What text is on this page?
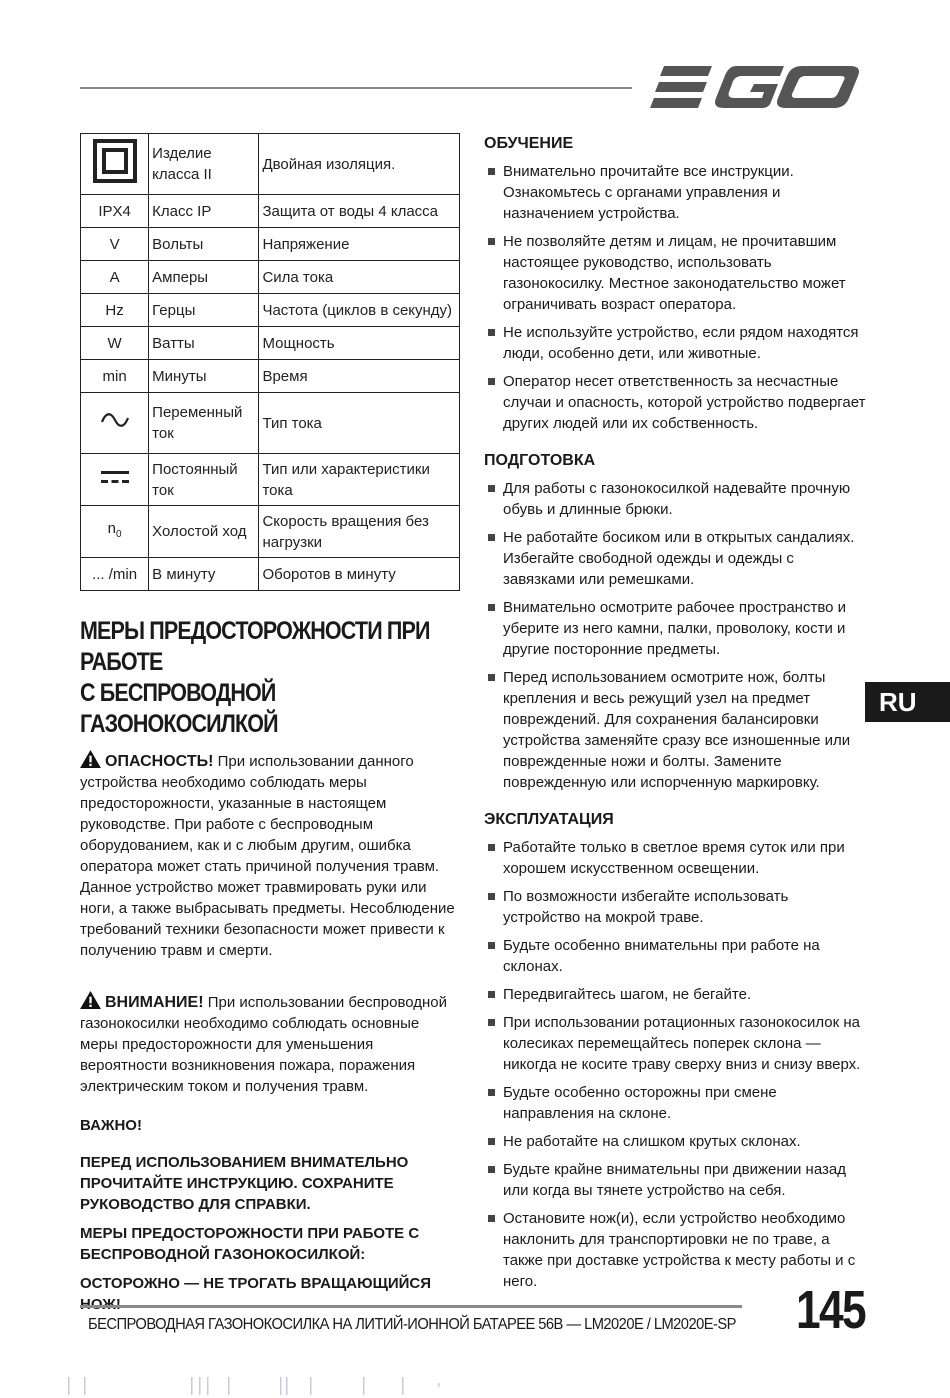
	Изделие класса II	Двойная изоляция.
IPX4	Класс IP	Защита от воды 4 класса
V	Вольты	Напряжение
A	Амперы	Сила тока
Hz	Герцы	Частота (циклов в секунду)
W	Ватты	Мощность
min	Минуты	Время
	Переменный ток	Тип тока
	Постоянный ток	Тип или характеристики тока
$n_0$	Холостой ход	Скорость вращения без нагрузки
... /min	В минуту	Оборотов в минуту
МЕРЫ ПРЕДОСТОРОЖНОСТИ ПРИ РАБОТЕ
С БЕСПРОВОДНОЙ ГАЗОНОКОСИЛКОЙ

ОПАСНОСТЬ! При использовании данного устройства необходимо соблюдать меры предосторожности, указанные в настоящем руководстве. При работе с беспроводным оборудованием, как и с любым другим, ошибка оператора может стать причиной получения травм. Данное устройство может травмировать руки или ноги, а также выбрасывать предметы. Несоблюдение требований техники безопасности может привести к получению травм и смерти.

ВНИМАНИЕ! При использовании беспроводной газонокосилки необходимо соблюдать основные меры предосторожности для уменьшения вероятности возникновения пожара, поражения электрическим током и получения травм.

ВАЖНО!

ПЕРЕД ИСПОЛЬЗОВАНИЕМ ВНИМАТЕЛЬНО ПРОЧИТАЙТЕ ИНСТРУКЦИЮ. СОХРАНИТЕ РУКОВОДСТВО ДЛЯ СПРАВКИ.

МЕРЫ ПРЕДОСТОРОЖНОСТИ ПРИ РАБОТЕ С БЕСПРОВОДНОЙ ГАЗОНОКОСИЛКОЙ:

ОСТОРОЖНО — НЕ ТРОГАТЬ ВРАЩАЮЩИЙСЯ

ОБУЧЕНИЕ
Внимательно прочитайте все инструкции. Ознакомьтесь с органами управления и назначением устройства.
Не позволяйте детям и лицам, не прочитавшим настоящее руководство, использовать газонокосилку. Местное законодательство может ограничивать возраст оператора.
Не используйте устройство, если рядом находятся люди, особенно дети, или животные.
Оператор несет ответственность за несчастные случаи и опасность, которой устройство подвергает других людей или их собственность.
ПОДГОТОВКА
Для работы с газонокосилкой надевайте прочную обувь и длинные брюки.
Не работайте босиком или в открытых сандалиях. Избегайте свободной одежды и одежды с завязками или ремешками.
Внимательно осмотрите рабочее пространство и уберите из него камни, палки, проволоку, кости и другие посторонние предметы.
Перед использованием осмотрите нож, болты крепления и весь режущий узел на предмет повреждений. Для сохранения балансировки устройства заменяйте сразу все изношенные или поврежденные ножи и болты. Замените поврежденную или испорченную маркировку.
ЭКСПЛУАТАЦИЯ
Работайте только в светлое время суток или при хорошем искусственном освещении.
По возможности избегайте использовать устройство на мокрой траве.
Будьте особенно внимательны при работе на склонах.
Передвигайтесь шагом, не бегайте.
При использовании ротационных газонокосилок на колесиках перемещайтесь поперек склона — никогда не косите траву сверху вниз и снизу вверх.
Будьте особенно осторожны при смене направления на склоне.
Не работайте на слишком крутых склонах.
Будьте крайне внимательны при движении назад или когда вы тянете устройство на себя.
Остановите нож(и), если устройство необходимо наклонить для транспортировки не по траве, а также при доставке устройства к месту работы и с него.
RU
БЕСПРОВОДНАЯ ГАЗОНОКОСИЛКА НА ЛИТИЙ-ИОННОЙ БАТАРЕЕ 56В — LM2020E / LM2020E-SP 145
